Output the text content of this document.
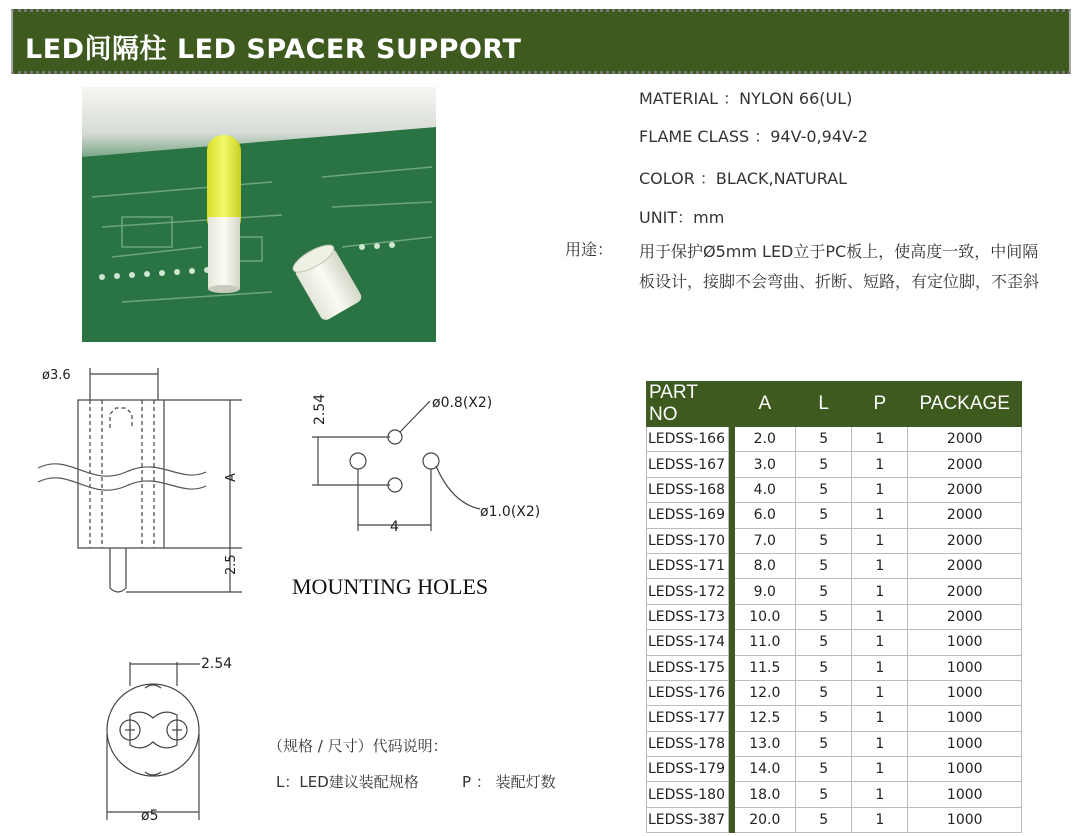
LED间隔柱 LED SPACER SUPPORT
MATERIAL ：NYLON 66(UL)
FLAME CLASS ：94V-0,94V-2
COLOR ：BLACK,NATURAL
UNIT：mm
用途： 用于保护Ø5mm LED立于PC板上，使高度一致，中间隔板设计，接脚不会弯曲、折断、短路，有定位脚，不歪斜
ø3.6
A
2.5
2.54	ø0.8(X2)
ø1.0(X2)
4
MOUNTING HOLES
2.54
ø5
（规格 / 尺寸）代码说明：
L：LED建议装配规格	P ： 装配灯数
PART NO		A	L	P	PACKAGE
LEDSS-166		2.0	5	1	2000
LEDSS-167		3.0	5	1	2000
LEDSS-168		4.0	5	1	2000
LEDSS-169		6.0	5	1	2000
LEDSS-170		7.0	5	1	2000
LEDSS-171		8.0	5	1	2000
LEDSS-172		9.0	5	1	2000
LEDSS-173		10.0	5	1	2000
LEDSS-174		11.0	5	1	1000
LEDSS-175		11.5	5	1	1000
LEDSS-176		12.0	5	1	1000
LEDSS-177		12.5	5	1	1000
LEDSS-178		13.0	5	1	1000
LEDSS-179		14.0	5	1	1000
LEDSS-180		18.0	5	1	1000
LEDSS-387		20.0	5	1	1000
